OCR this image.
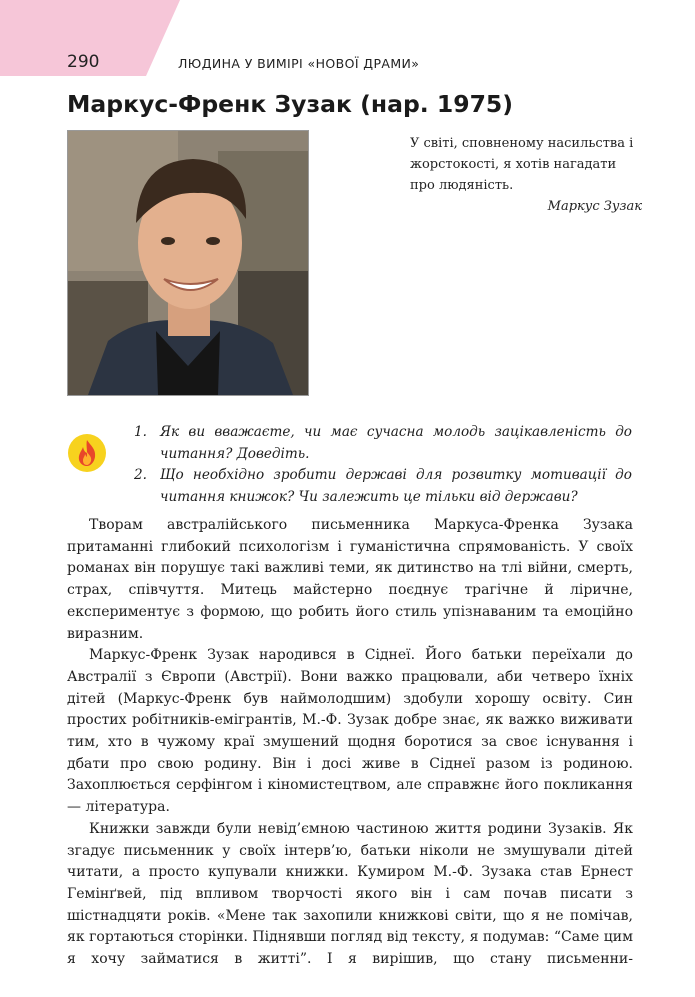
290	ЛЮДИНА У ВИМІРІ «НОВОЇ ДРАМИ»
Маркус-Френк Зузак (нар. 1975)
У світі, сповненому насильства і жорстокості, я хотів нагадати про людяність.
Маркус Зузак
1. Як ви вважаєте, чи має сучасна молодь зацікавленість до читання? Доведіть.
2. Що необхідно зробити державі для розвитку мотивації до читання книжок? Чи залежить це тільки від держави?

Творам австралійського письменника Маркуса-Френка Зузака притаманні глибокий психологізм і гуманістична спрямованість. У своїх романах він порушує такі важливі теми, як дитинство на тлі війни, смерть, страх, співчуття. Митець майстерно поєднує трагічне й ліричне, експериментує з формою, що робить його стиль упізнаваним та емоційно виразним.

Маркус-Френк Зузак народився в Сіднеї. Його батьки переїхали до Австралії з Європи (Австрії). Вони важко працювали, аби четверо їхніх дітей (Маркус-Френк був наймолодшим) здобули хорошу освіту. Син простих робітників-емігрантів, М.-Ф. Зузак добре знає, як важко виживати тим, хто в чужому краї змушений щодня боротися за своє існування і дбати про свою родину. Він і досі живе в Сіднеї разом із родиною. Захоплюється серфінгом і кіномистецтвом, але справжнє його покликання — література.

Книжки завжди були невід’ємною частиною життя родини Зузаків. Як згадує письменник у своїх інтерв’ю, батьки ніколи не змушували дітей читати, а просто купували книжки. Кумиром М.-Ф. Зузака став Ернест Гемінґвей, під впливом творчості якого він і сам почав писати з шістнадцяти років. «Мене так захопили книжкові світи, що я не помічав, як гортаються сторінки. Піднявши погляд від тексту, я подумав: “Саме цим я хочу займатися в житті”. І я вирішив, що стану письменни-
